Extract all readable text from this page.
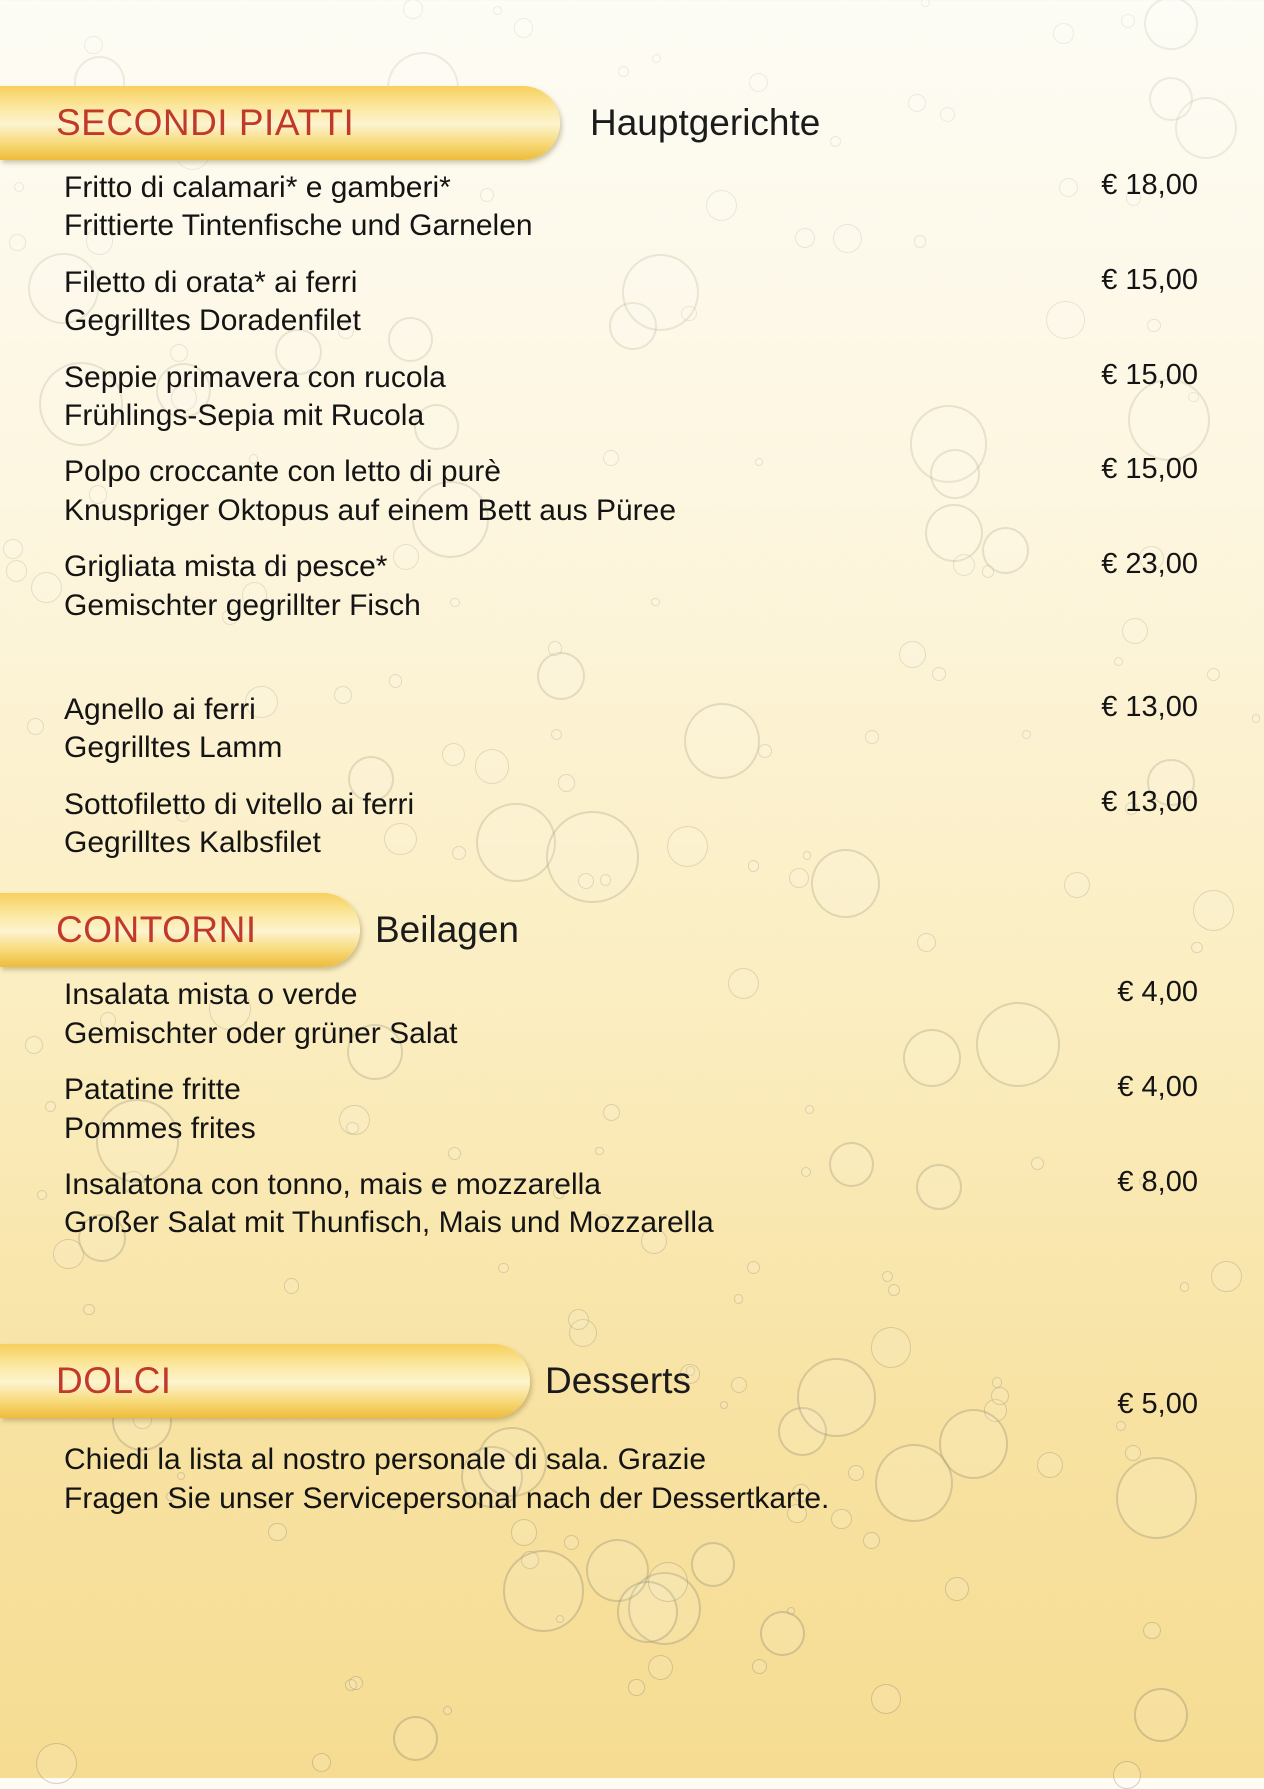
SECONDI PIATTI	Hauptgerichte
Fritto di calamari* e gamberi*
Frittierte Tintenfische und Garnelen
€ 18,00
Filetto di orata* ai ferri
Gegrilltes Doradenfilet
€ 15,00
Seppie primavera con rucola
Frühlings-Sepia mit Rucola
€ 15,00
Polpo croccante con letto di purè
Knuspriger Oktopus auf einem Bett aus Püree
€ 15,00
Grigliata mista di pesce*
Gemischter gegrillter Fisch
€ 23,00
Agnello ai ferri
Gegrilltes Lamm
€ 13,00
Sottofiletto di vitello ai ferri
Gegrilltes Kalbsfilet
€ 13,00
CONTORNI	Beilagen
Insalata mista o verde
Gemischter oder grüner Salat
€ 4,00
Patatine fritte
Pommes frites
€ 4,00
Insalatona con tonno, mais e mozzarella
Großer Salat mit Thunfisch, Mais und Mozzarella
€ 8,00
DOLCI	Desserts
€ 5,00
Chiedi la lista al nostro personale di sala. Grazie
Fragen Sie unser Servicepersonal nach der Dessertkarte.
